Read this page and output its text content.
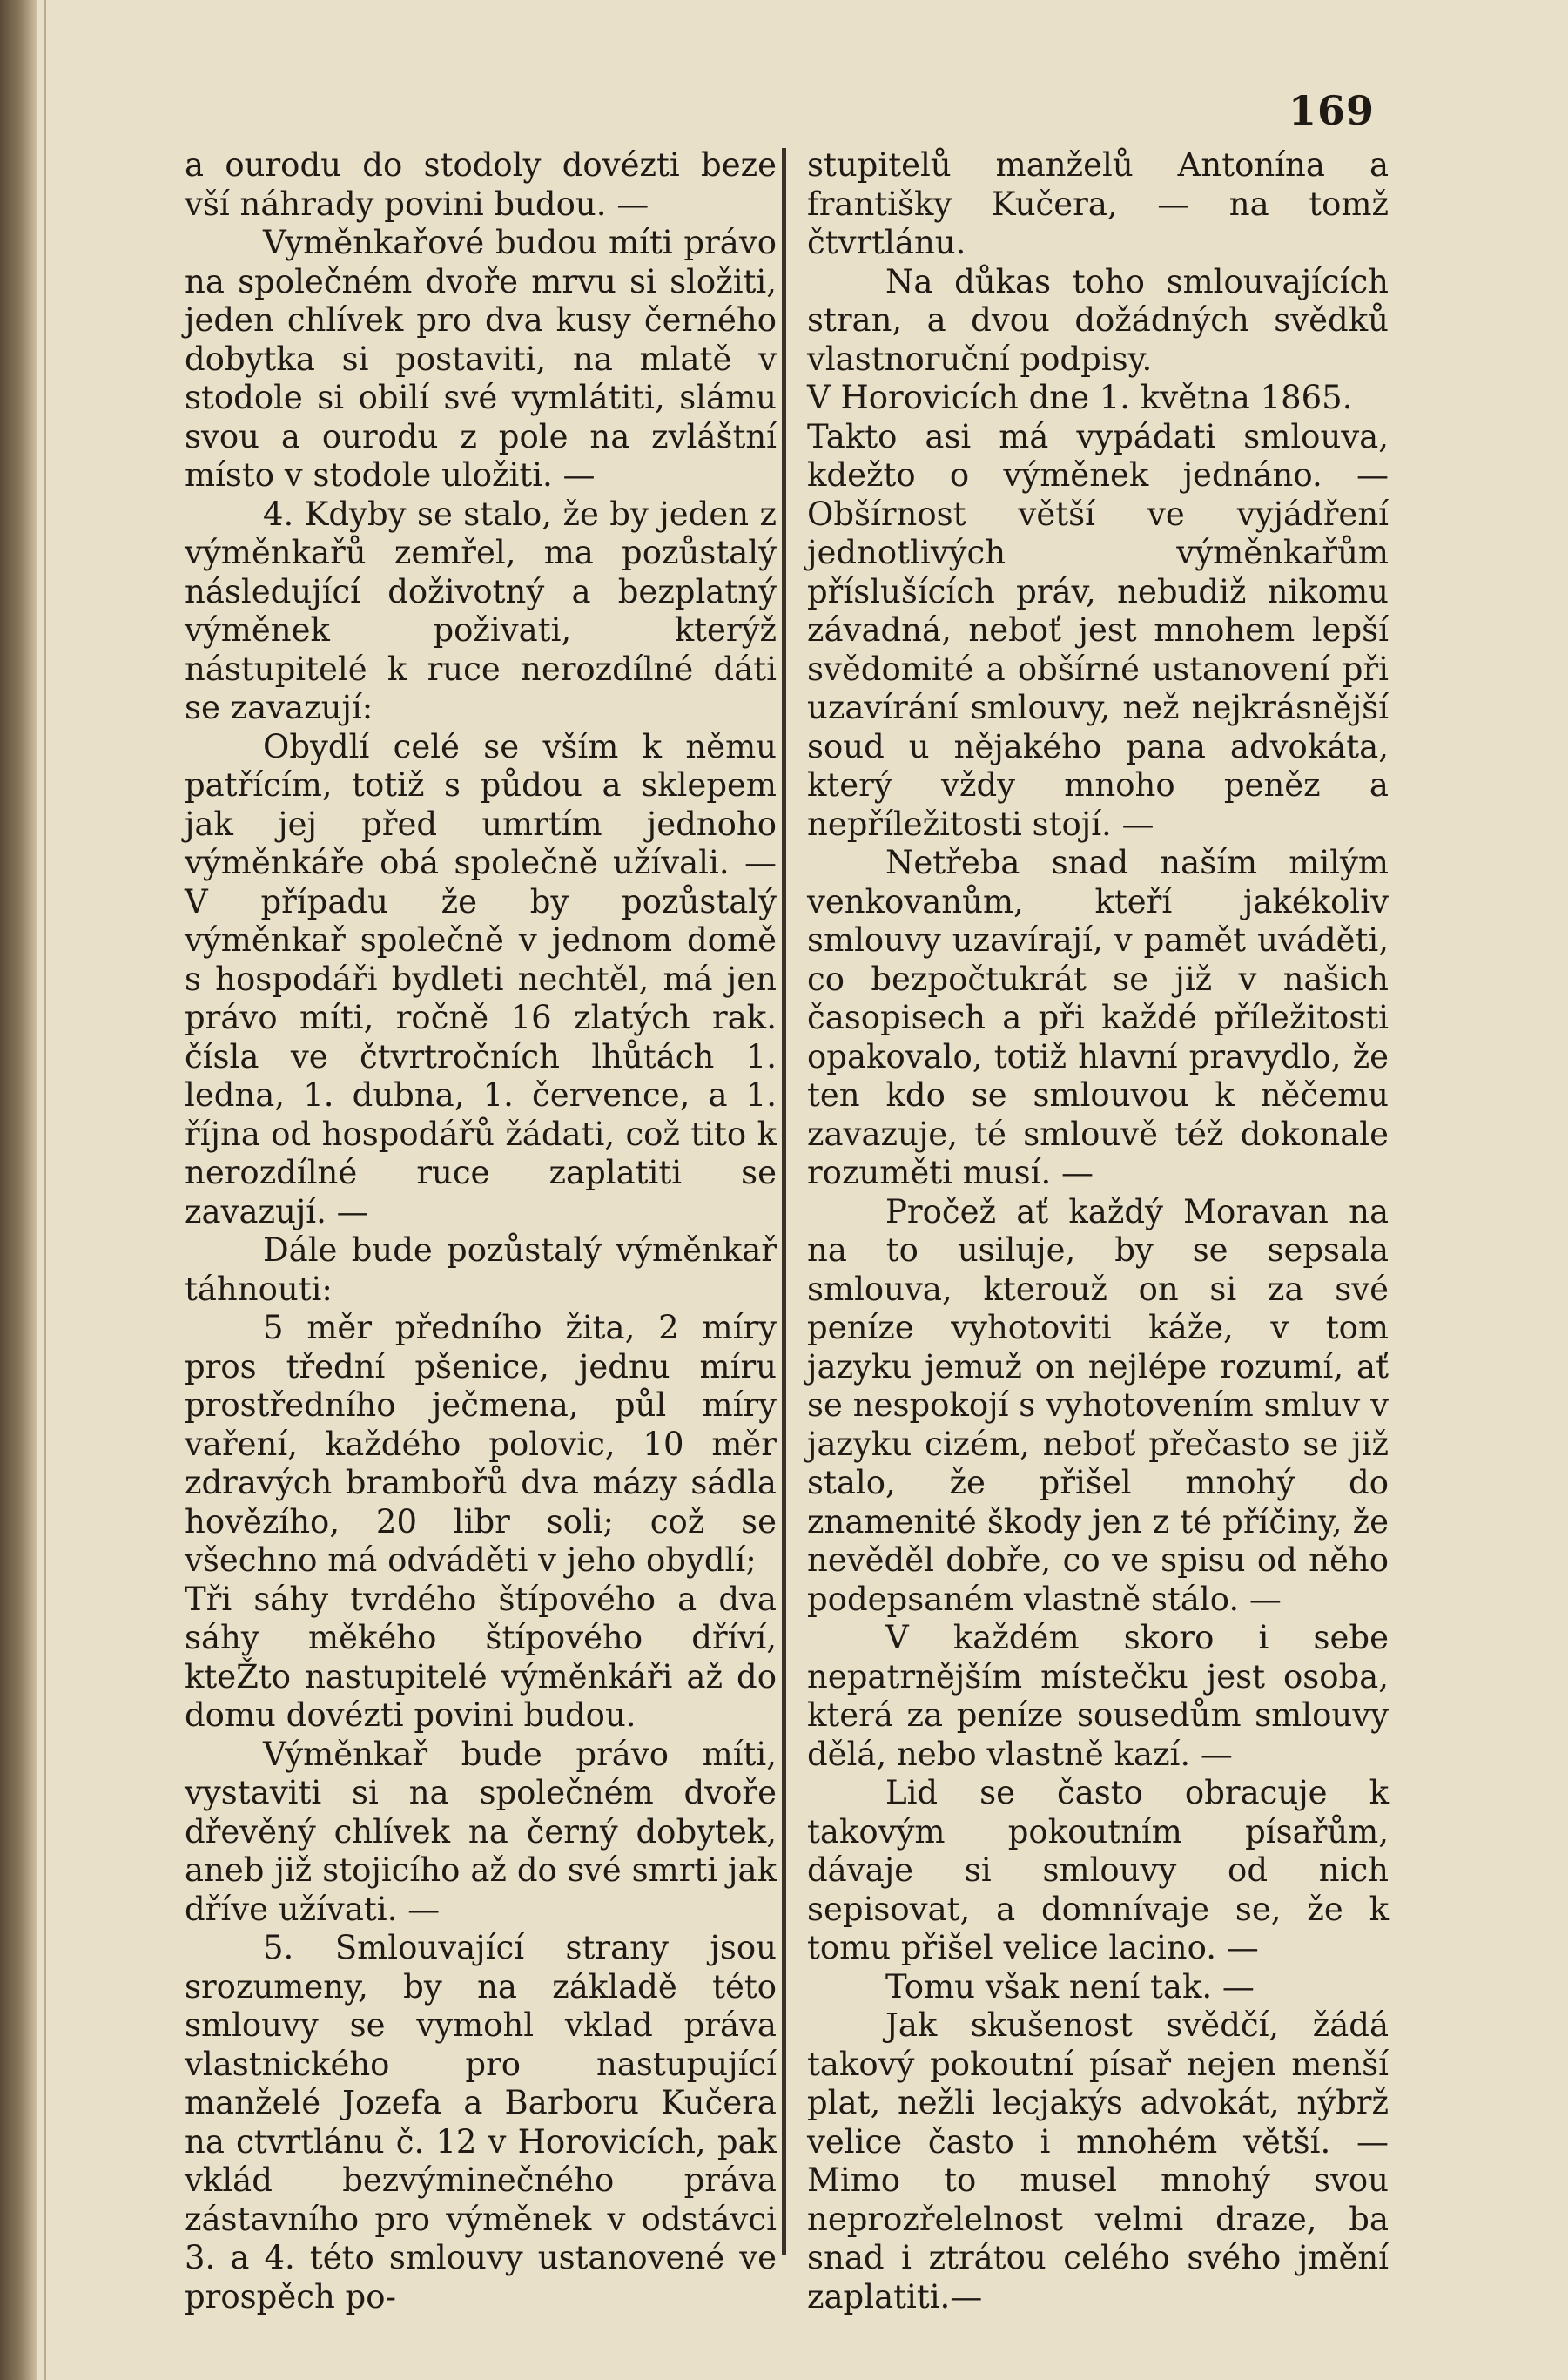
169

a ourodu do stodoly dovézti beze vší náhrady povini budou. —

Vyměnkařové budou míti právo na společném dvoře mrvu si složiti, jeden chlívek pro dva kusy černého dobytka si postaviti, na mlatě v stodole si obilí své vymlátiti, slámu svou a ourodu z pole na zvláštní místo v stodole uložiti. —

4. Kdyby se stalo, že by jeden z výměnkařů zemřel, ma pozůstalý následující doživotný a bezplatný výměnek poživati, kterýž nástupitelé k ruce nerozdílné dáti se zavazují:

Obydlí celé se vším k němu patřícím, totiž s půdou a sklepem jak jej před umrtím jednoho výměnkáře obá společně užívali. — V případu že by pozůstalý výměnkař společně v jednom domě s hospodáři bydleti nechtěl, má jen právo míti, ročně 16 zlatých rak. čísla ve čtvrtročních lhůtách 1. ledna, 1. dubna, 1. července, a 1. října od hospodářů žádati, což tito k nerozdílné ruce zaplatiti se zavazují. —

Dále bude pozůstalý výměnkař táhnouti:

5 měr předního žita, 2 míry pros třední pšenice, jednu míru prostředního ječmena, půl míry vaření, každého polovic, 10 měr zdravých brambořů dva mázy sádla hovězího, 20 libr soli; což se všechno má odváděti v jeho obydlí;

Tři sáhy tvrdého štípového a dva sáhy měkého štípového dříví, kteŽto nastupitelé výměnkáři až do domu dovézti povini budou.

Výměnkař bude právo míti, vystaviti si na společném dvoře dřevěný chlívek na černý dobytek, aneb již stojicího až do své smrti jak dříve užívati. —

5. Smlouvající strany jsou srozumeny, by na základě této smlouvy se vymohl vklad práva vlastnického pro nastupující manželé Jozefa a Barboru Kučera na ctvrtlánu č. 12 v Horovicích, pak vklád bezvýminečného práva zástavního pro výměnek v odstávci 3. a 4. této smlouvy ustanovené ve prospěch po-

stupitelů manželů Antonína a františky Kučera, — na tomž čtvrtlánu.

Na důkas toho smlouvajících stran, a dvou dožádných svědků vlastnoruční podpisy.

V Horovicích dne 1. května 1865.

Takto asi má vypádati smlouva, kdežto o výměnek jednáno. — Obšírnost větší ve vyjádření jednotlivých výměnkařům příslušících práv, nebudiž nikomu závadná, neboť jest mnohem lepší svědomité a obšírné ustanovení při uzavírání smlouvy, než nejkrásnější soud u nějakého pana advokáta, který vždy mnoho peněz a nepříležitosti stojí. —

Netřeba snad naším milým venkovanům, kteří jakékoliv smlouvy uzavírají, v pamět uváděti, co bezpočtukrát se již v našich časopisech a při každé příležitosti opakovalo, totiž hlavní pravydlo, že ten kdo se smlouvou k něčemu zavazuje, té smlouvě též dokonale rozuměti musí. —

Pročež ať každý Moravan na na to usiluje, by se sepsala smlouva, kterouž on si za své peníze vyhotoviti káže, v tom jazyku jemuž on nejlépe rozumí, ať se nespokojí s vyhotovením smluv v jazyku cizém, neboť přečasto se již stalo, že přišel mnohý do znamenité škody jen z té příčiny, že nevěděl dobře, co ve spisu od něho podepsaném vlastně stálo. —

V každém skoro i sebe nepatrnějším místečku jest osoba, která za peníze sousedům smlouvy dělá, nebo vlastně kazí. —

Lid se často obracuje k takovým pokoutním písařům, dávaje si smlouvy od nich sepisovat, a domnívaje se, že k tomu přišel velice lacino. —

Tomu však není tak. —

Jak skušenost svědčí, žádá takový pokoutní písař nejen menší plat, nežli lecjakýs advokát, nýbrž velice často i mnohém větší. — Mimo to musel mnohý svou neprozřelelnost velmi draze, ba snad i ztrátou celého svého jmění zaplatiti.—
